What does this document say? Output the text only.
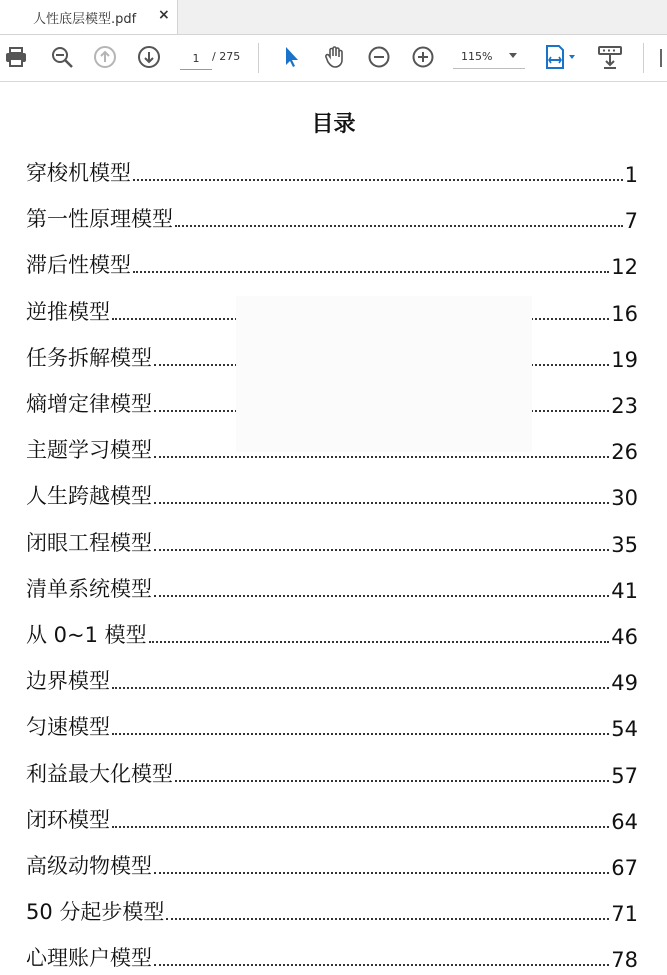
人性底层模型.pdf ×
1
/ 275	115%
目录
穿梭机模型	1
第一性原理模型	7
滞后性模型	12
逆推模型	16
任务拆解模型	19
熵增定律模型	23
主题学习模型	26
人生跨越模型	30
闭眼工程模型	35
清单系统模型	41
从 0~1 模型	46
边界模型	49
匀速模型	54
利益最大化模型	57
闭环模型	64
高级动物模型	67
50 分起步模型	71
心理账户模型	78
